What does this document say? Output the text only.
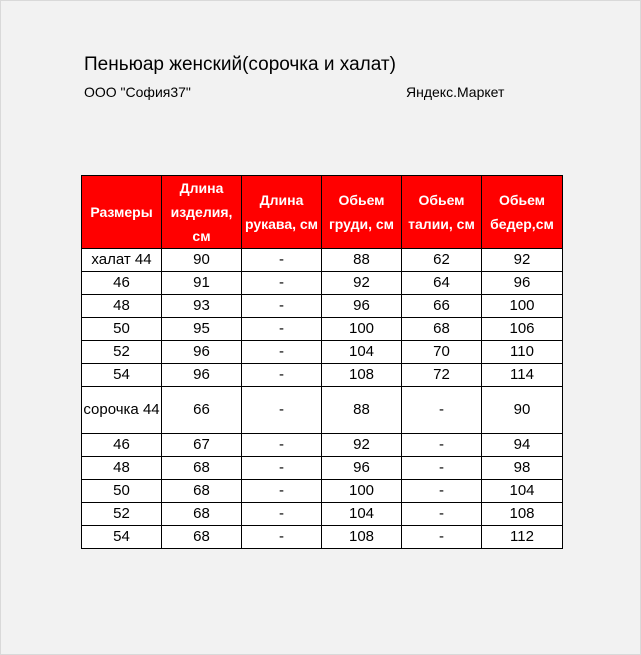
Пеньюар женский(сорочка и халат)
ООО "София37"	Яндекс.Маркет
Размеры	Длина изделия, см	Длина рукава, см	Обьем груди, см	Обьем талии, см	Обьем бедер,см
халат 44	90	-	88	62	92
46	91	-	92	64	96
48	93	-	96	66	100
50	95	-	100	68	106
52	96	-	104	70	110
54	96	-	108	72	114
сорочка 44	66	-	88	-	90
46	67	-	92	-	94
48	68	-	96	-	98
50	68	-	100	-	104
52	68	-	104	-	108
54	68	-	108	-	112
